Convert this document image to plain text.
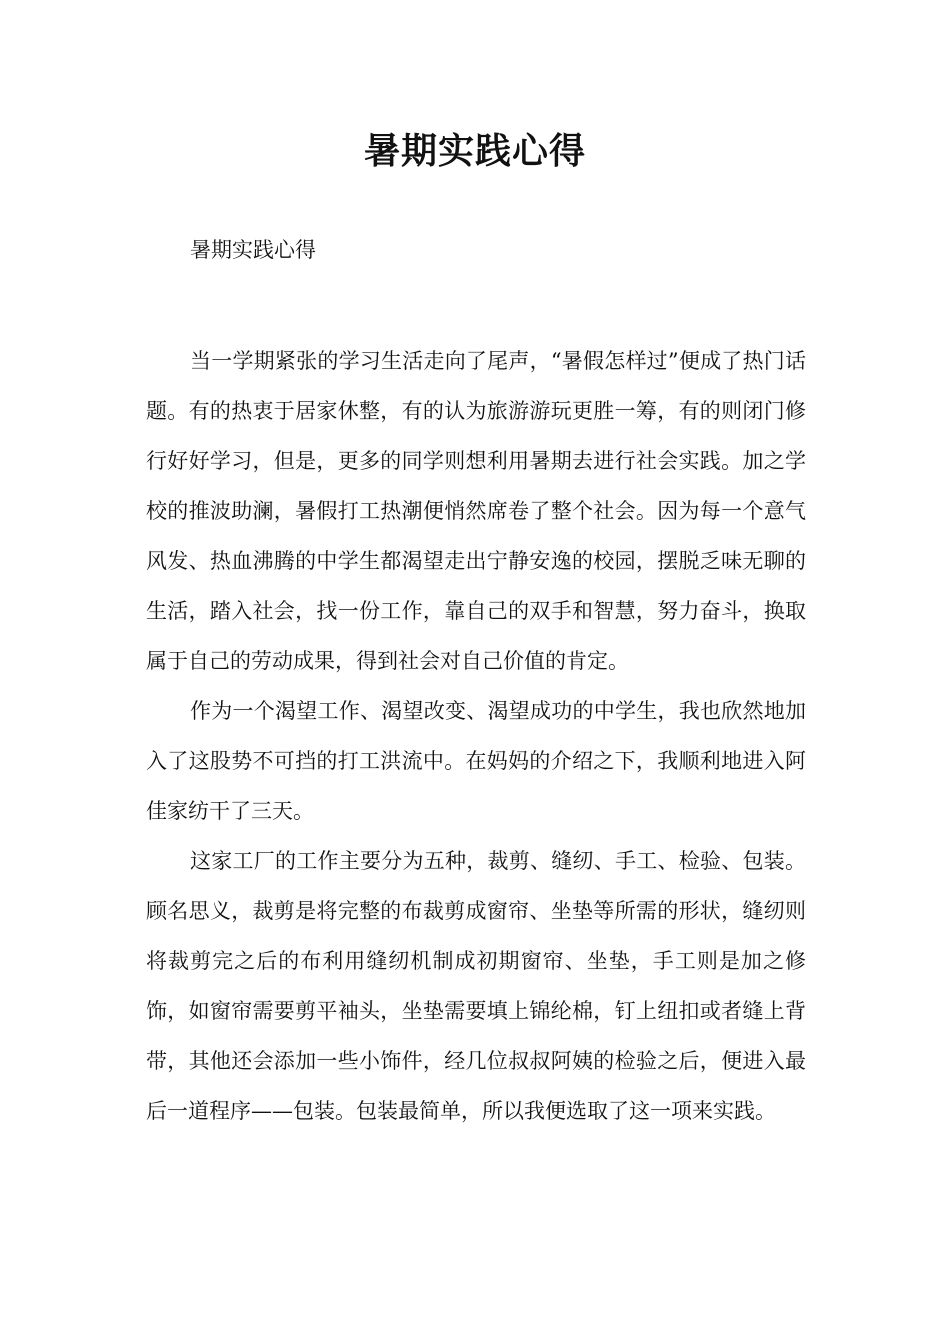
暑期实践心得

暑期实践心得

当一学期紧张的学习生活走向了尾声，“暑假怎样过”便成了热门话题。有的热衷于居家休整，有的认为旅游游玩更胜一筹，有的则闭门修行好好学习，但是，更多的同学则想利用暑期去进行社会实践。加之学校的推波助澜，暑假打工热潮便悄然席卷了整个社会。因为每一个意气风发、热血沸腾的中学生都渴望走出宁静安逸的校园，摆脱乏味无聊的生活，踏入社会，找一份工作，靠自己的双手和智慧，努力奋斗，换取属于自己的劳动成果，得到社会对自己价值的肯定。

作为一个渴望工作、渴望改变、渴望成功的中学生，我也欣然地加入了这股势不可挡的打工洪流中。在妈妈的介绍之下，我顺利地进入阿佳家纺干了三天。

这家工厂的工作主要分为五种，裁剪、缝纫、手工、检验、包装。顾名思义，裁剪是将完整的布裁剪成窗帘、坐垫等所需的形状，缝纫则将裁剪完之后的布利用缝纫机制成初期窗帘、坐垫，手工则是加之修饰，如窗帘需要剪平袖头，坐垫需要填上锦纶棉，钉上纽扣或者缝上背带，其他还会添加一些小饰件，经几位叔叔阿姨的检验之后，便进入最后一道程序——包装。包装最简单，所以我便选取了这一项来实践。
